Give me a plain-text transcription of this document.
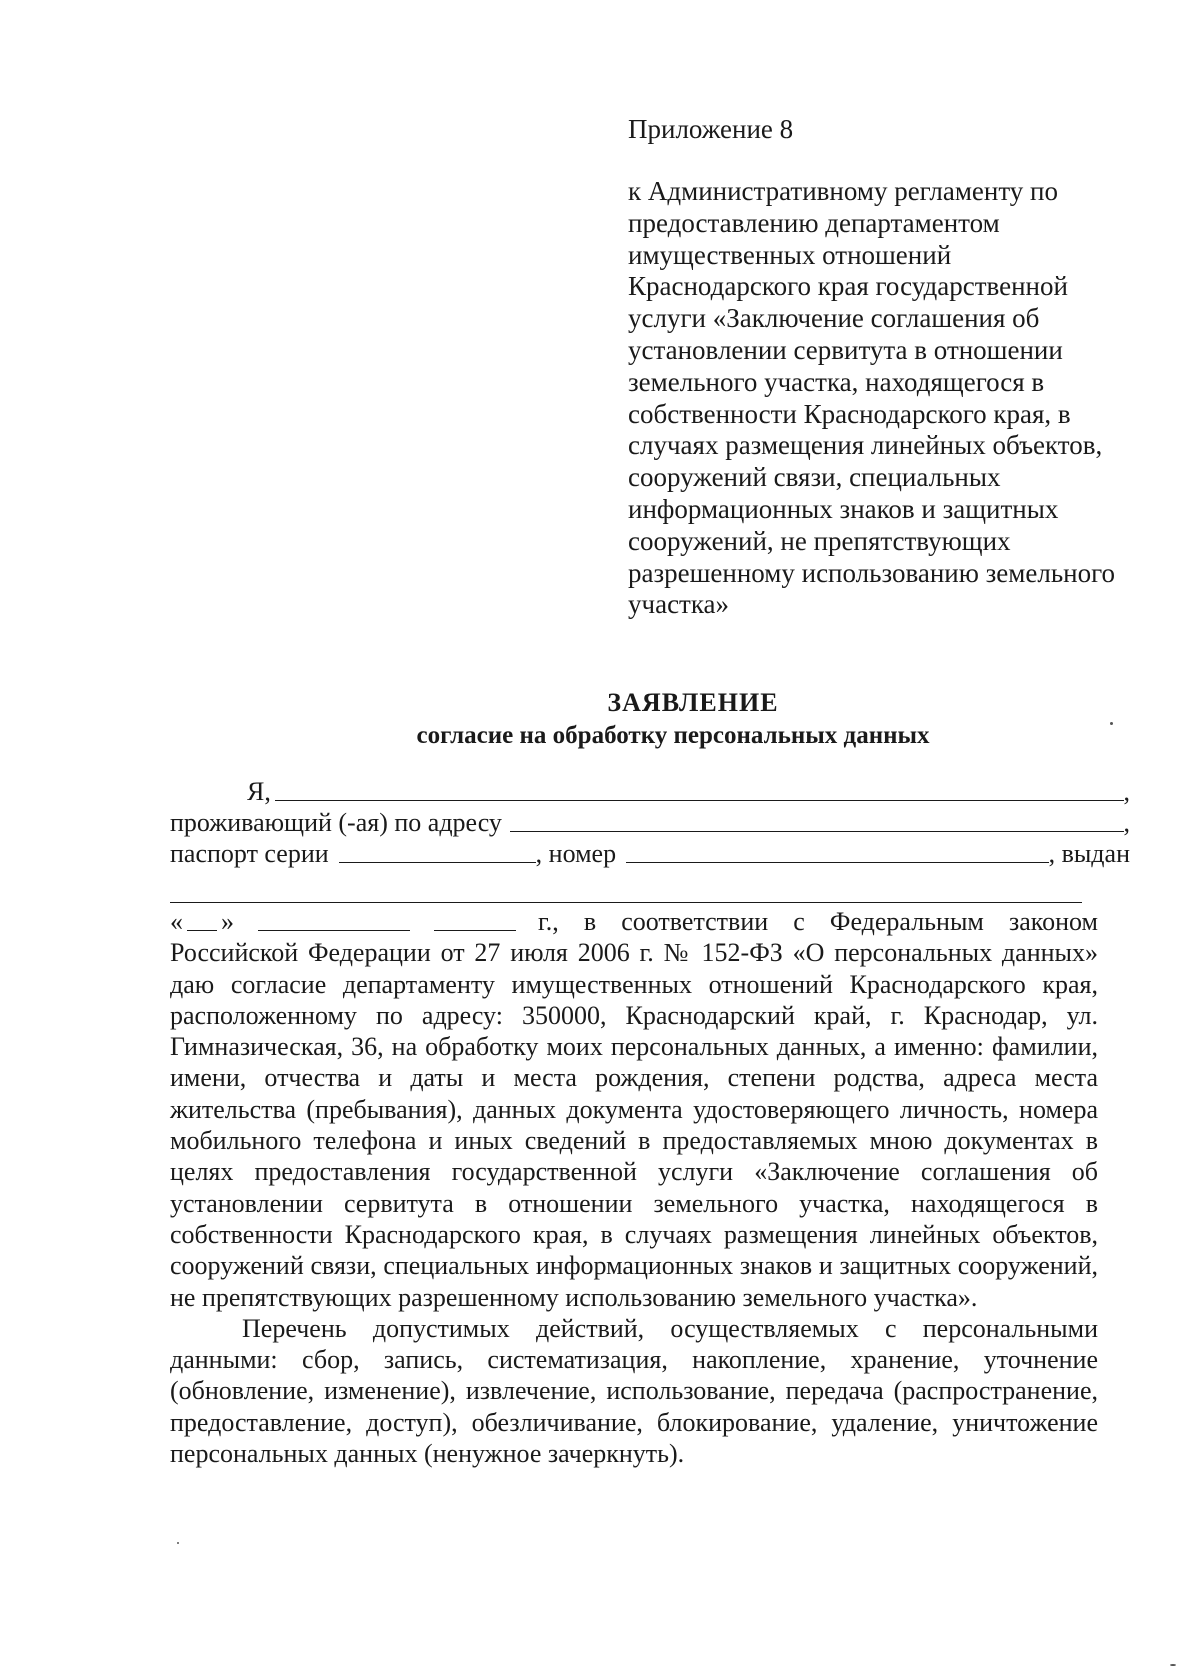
Приложение 8

к Административному регламенту по предоставлению департаментом имущественных отношений Краснодарского края государственной услуги «Заключение соглашения об установлении сервитута в отношении земельного участка, находящегося в собственности Краснодарского края, в случаях размещения линейных объектов, сооружений связи, специальных информационных знаков и защитных сооружений, не препятствующих разрешенному использованию земельного участка»

ЗАЯВЛЕНИЕ
согласие на обработку персональных данных
Я,	,
проживающий (-ая) по адресу	,
паспорт серии	, номер	, выдан
« »	г., в соответствии с Федеральным законом

Российской Федерации от 27 июля 2006 г. № 152-ФЗ «О персональных данных» даю согласие департаменту имущественных отношений Краснодарского края, расположенному по адресу: 350000, Краснодарский край, г. Краснодар, ул. Гимназическая, 36, на обработку моих персональных данных, а именно: фамилии, имени, отчества и даты и места рождения, степени родства, адреса места жительства (пребывания), данных документа удостоверяющего личность, номера мобильного телефона и иных сведений в предоставляемых мною документах в целях предоставления государственной услуги «Заключение соглашения об установлении сервитута в отношении земельного участка, находящегося в собственности Краснодарского края, в случаях размещения линейных объектов, сооружений связи, специальных информационных знаков и защитных сооружений, не препятствующих разрешенному использованию земельного участка».

Перечень допустимых действий, осуществляемых с персональными данными: сбор, запись, систематизация, накопление, хранение, уточнение (обновление, изменение), извлечение, использование, передача (распространение, предоставление, доступ), обезличивание, блокирование, удаление, уничтожение персональных данных (ненужное зачеркнуть).
